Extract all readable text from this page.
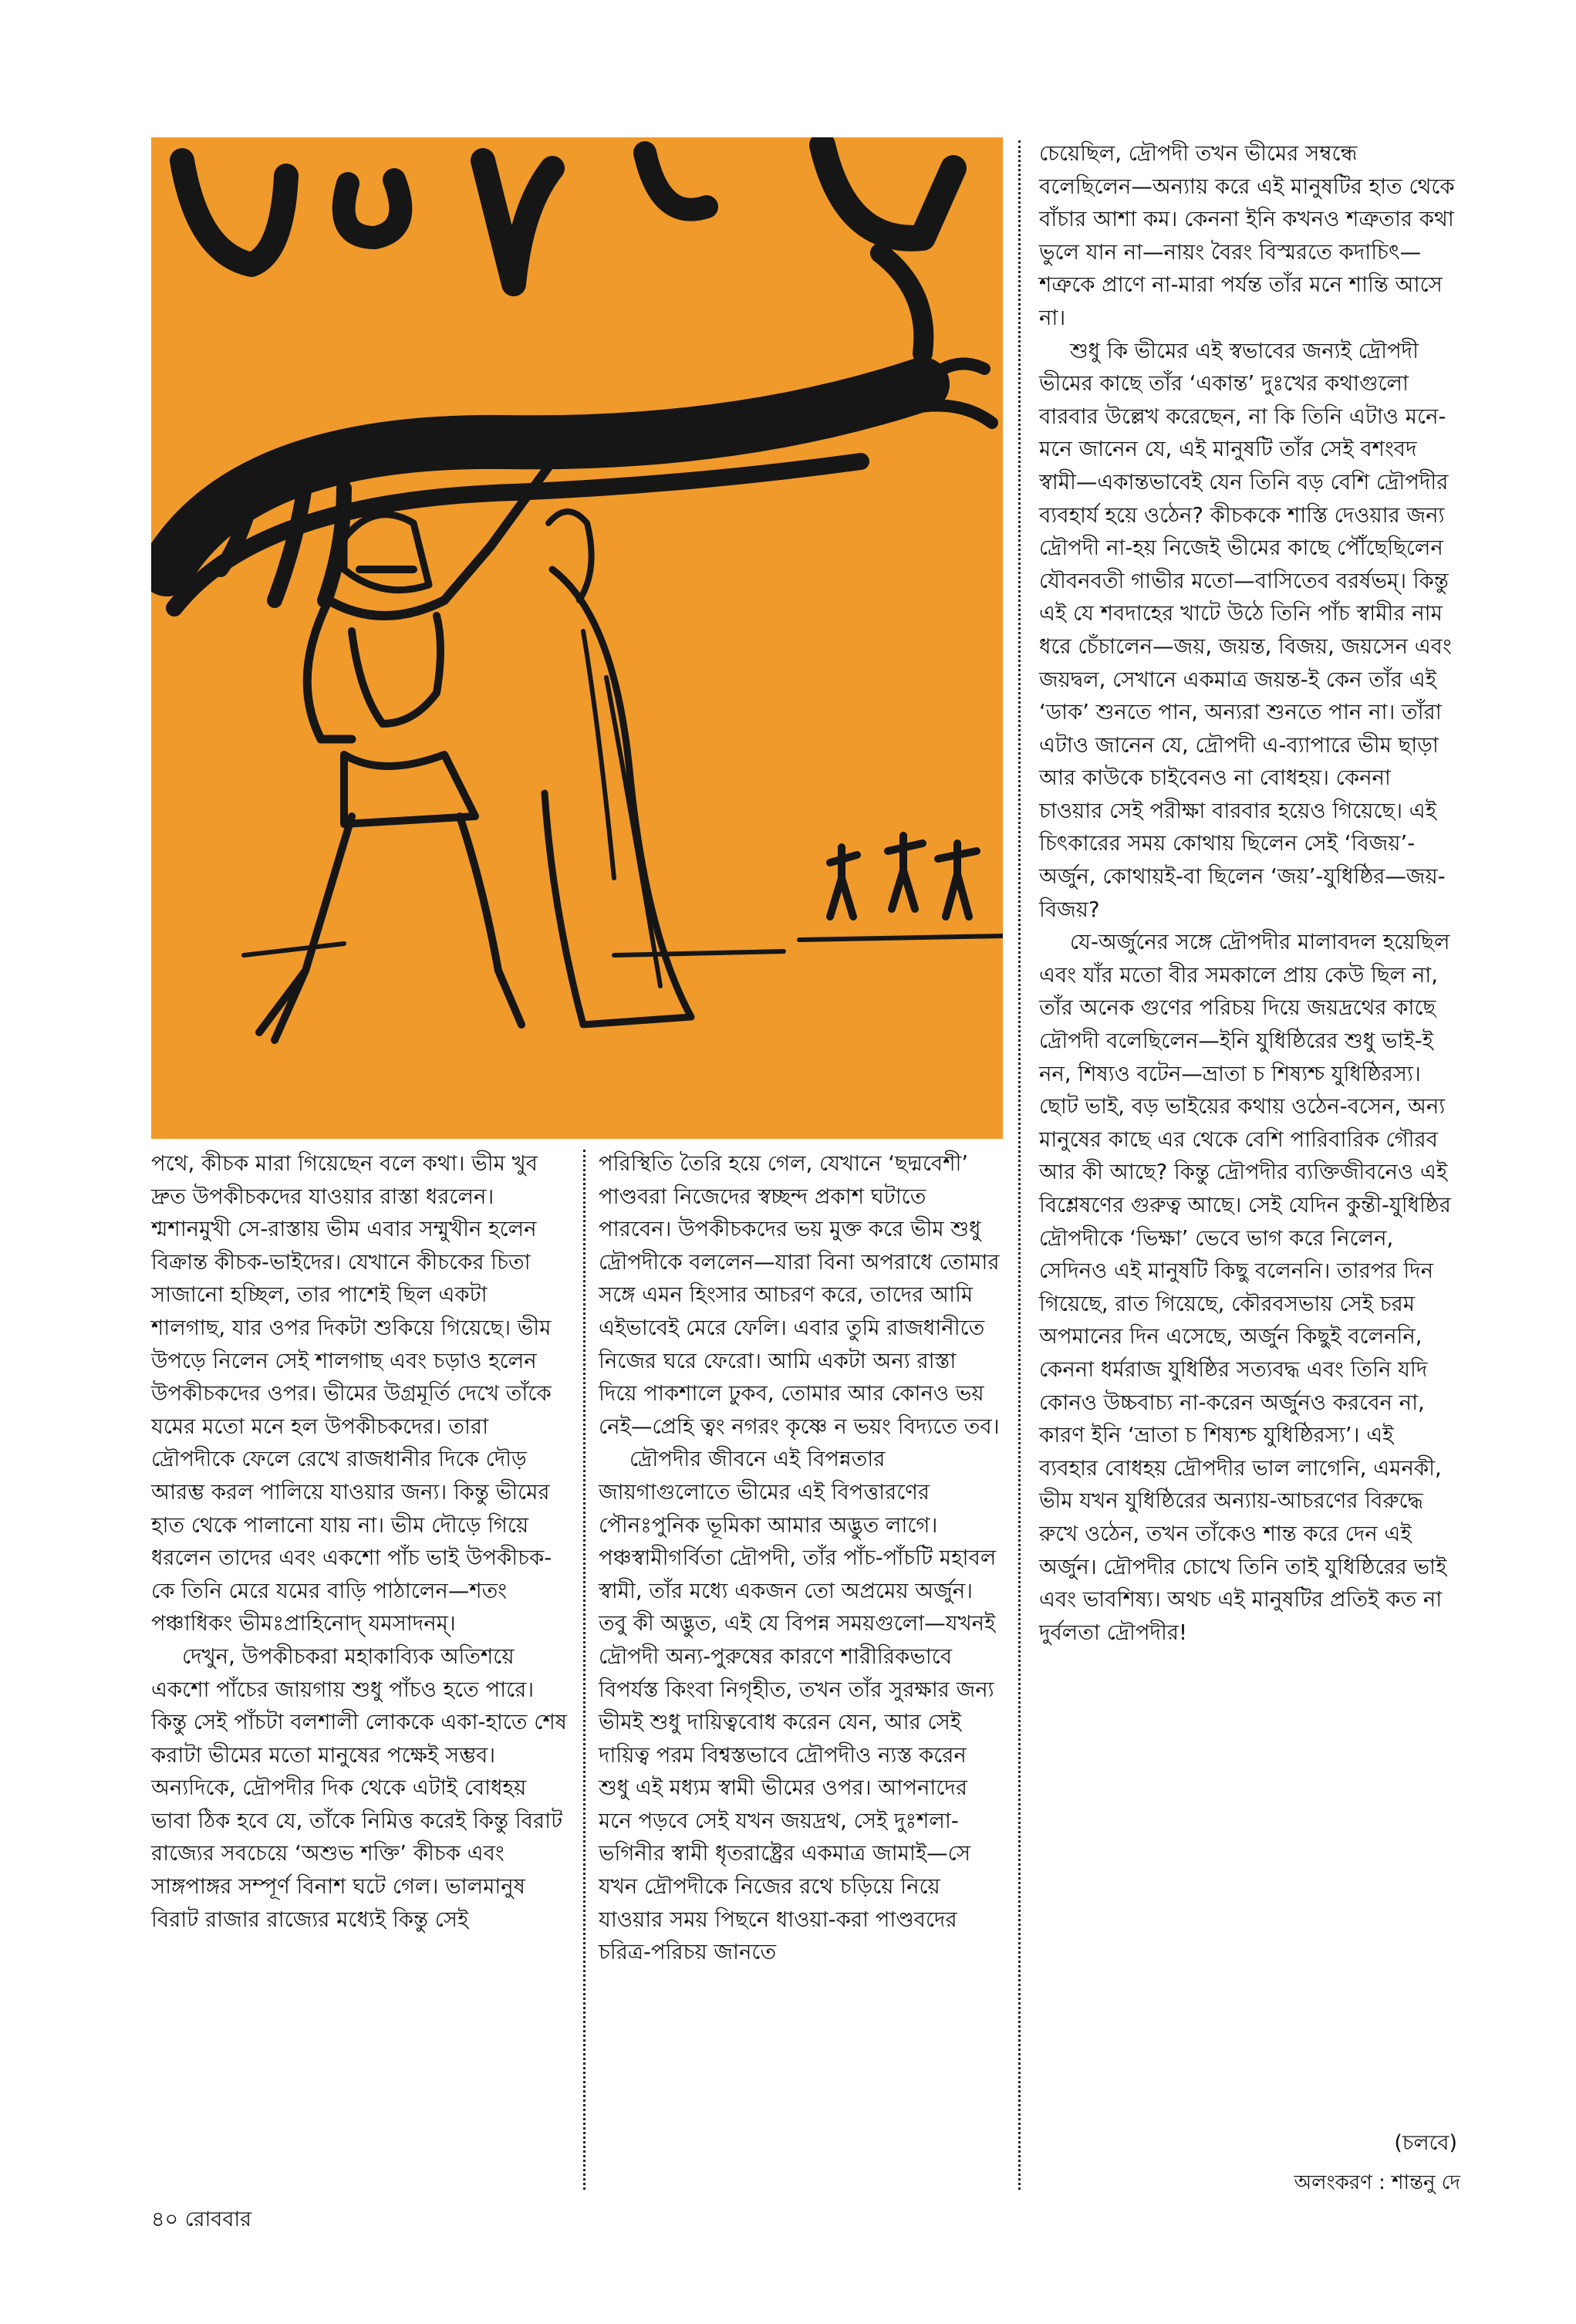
পথে, কীচক মারা গিয়েছেন বলে কথা। ভীম খুব দ্রুত উপকীচকদের যাওয়ার রাস্তা ধরলেন। শ্মশানমুখী সে-রাস্তায় ভীম এবার সম্মুখীন হলেন বিক্রান্ত কীচক-ভাইদের। যেখানে কীচকের চিতা সাজানো হচ্ছিল, তার পাশেই ছিল একটা শালগাছ, যার ওপর দিকটা শুকিয়ে গিয়েছে। ভীম উপড়ে নিলেন সেই শালগাছ এবং চড়াও হলেন উপকীচকদের ওপর। ভীমের উগ্রমূর্তি দেখে তাঁকে যমের মতো মনে হল উপকীচকদের। তারা দ্রৌপদীকে ফেলে রেখে রাজধানীর দিকে দৌড় আরম্ভ করল পালিয়ে যাওয়ার জন্য। কিন্তু ভীমের হাত থেকে পালানো যায় না। ভীম দৌড়ে গিয়ে ধরলেন তাদের এবং একশো পাঁচ ভাই উপকীচক-কে তিনি মেরে যমের বাড়ি পাঠালেন—শতং পঞ্চাধিকং ভীমঃপ্রাহিনোদ্ যমসাদনম্।

দেখুন, উপকীচকরা মহাকাব্যিক অতিশয়ে একশো পাঁচের জায়গায় শুধু পাঁচও হতে পারে। কিন্তু সেই পাঁচটা বলশালী লোককে একা-হাতে শেষ করাটা ভীমের মতো মানুষের পক্ষেই সম্ভব। অন্যদিকে, দ্রৌপদীর দিক থেকে এটাই বোধহয় ভাবা ঠিক হবে যে, তাঁকে নিমিত্ত করেই কিন্তু বিরাট রাজ্যের সবচেয়ে ‘অশুভ শক্তি’ কীচক এবং সাঙ্গপাঙ্গর সম্পূর্ণ বিনাশ ঘটে গেল। ভালমানুষ বিরাট রাজার রাজ্যের মধ্যেই কিন্তু সেই

পরিস্থিতি তৈরি হয়ে গেল, যেখানে ‘ছদ্মবেশী’ পাণ্ডবরা নিজেদের স্বচ্ছন্দ প্রকাশ ঘটাতে পারবেন। উপকীচকদের ভয় মুক্ত করে ভীম শুধু দ্রৌপদীকে বললেন—যারা বিনা অপরাধে তোমার সঙ্গে এমন হিংসার আচরণ করে, তাদের আমি এইভাবেই মেরে ফেলি। এবার তুমি রাজধানীতে নিজের ঘরে ফেরো। আমি একটা অন্য রাস্তা দিয়ে পাকশালে ঢুকব, তোমার আর কোনও ভয় নেই—প্রেহি ত্বং নগরং কৃষ্ণে ন ভয়ং বিদ্যতে তব।

দ্রৌপদীর জীবনে এই বিপন্নতার জায়গাগুলোতে ভীমের এই বিপত্তারণের পৌনঃপুনিক ভূমিকা আমার অদ্ভুত লাগে। পঞ্চস্বামীগর্বিতা দ্রৌপদী, তাঁর পাঁচ-পাঁচটি মহাবল স্বামী, তাঁর মধ্যে একজন তো অপ্রমেয় অর্জুন। তবু কী অদ্ভুত, এই যে বিপন্ন সময়গুলো—যখনই দ্রৌপদী অন্য-পুরুষের কারণে শারীরিকভাবে বিপর্যস্ত কিংবা নিগৃহীত, তখন তাঁর সুরক্ষার জন্য ভীমই শুধু দায়িত্ববোধ করেন যেন, আর সেই দায়িত্ব পরম বিশ্বস্তভাবে দ্রৌপদীও ন্যস্ত করেন শুধু এই মধ্যম স্বামী ভীমের ওপর। আপনাদের মনে পড়বে সেই যখন জয়দ্রথ, সেই দুঃশলা-ভগিনীর স্বামী ধৃতরাষ্ট্রের একমাত্র জামাই—সে যখন দ্রৌপদীকে নিজের রথে চড়িয়ে নিয়ে যাওয়ার সময় পিছনে ধাওয়া-করা পাণ্ডবদের চরিত্র-পরিচয় জানতে

চেয়েছিল, দ্রৌপদী তখন ভীমের সম্বন্ধে বলেছিলেন—অন্যায় করে এই মানুষটির হাত থেকে বাঁচার আশা কম। কেননা ইনি কখনও শত্রুতার কথা ভুলে যান না—নায়ং বৈরং বিস্মরতে কদাচিৎ—শত্রুকে প্রাণে না-মারা পর্যন্ত তাঁর মনে শান্তি আসে না।

শুধু কি ভীমের এই স্বভাবের জন্যই দ্রৌপদী ভীমের কাছে তাঁর ‘একান্ত’ দুঃখের কথাগুলো বারবার উল্লেখ করেছেন, না কি তিনি এটাও মনে-মনে জানেন যে, এই মানুষটি তাঁর সেই বশংবদ স্বামী—একান্তভাবেই যেন তিনি বড় বেশি দ্রৌপদীর ব্যবহার্য হয়ে ওঠেন? কীচককে শাস্তি দেওয়ার জন্য দ্রৌপদী না-হয় নিজেই ভীমের কাছে পৌঁছেছিলেন যৌবনবতী গাভীর মতো—বাসিতেব বরর্ষভম্। কিন্তু এই যে শবদাহের খাটে উঠে তিনি পাঁচ স্বামীর নাম ধরে চেঁচালেন—জয়, জয়ন্ত, বিজয়, জয়সেন এবং জয়দ্বল, সেখানে একমাত্র জয়ন্ত-ই কেন তাঁর এই ‘ডাক’ শুনতে পান, অন্যরা শুনতে পান না। তাঁরা এটাও জানেন যে, দ্রৌপদী এ-ব্যাপারে ভীম ছাড়া আর কাউকে চাইবেনও না বোধহয়। কেননা চাওয়ার সেই পরীক্ষা বারবার হয়েও গিয়েছে। এই চিৎকারের সময় কোথায় ছিলেন সেই ‘বিজয়’-অর্জুন, কোথায়ই-বা ছিলেন ‘জয়’-যুধিষ্ঠির—জয়-বিজয়?

যে-অর্জুনের সঙ্গে দ্রৌপদীর মালাবদল হয়েছিল এবং যাঁর মতো বীর সমকালে প্রায় কেউ ছিল না, তাঁর অনেক গুণের পরিচয় দিয়ে জয়দ্রথের কাছে দ্রৌপদী বলেছিলেন—ইনি যুধিষ্ঠিরের শুধু ভাই-ই নন, শিষ্যও বটেন—ভ্রাতা চ শিষ্যশ্চ যুধিষ্ঠিরস্য। ছোট ভাই, বড় ভাইয়ের কথায় ওঠেন-বসেন, অন্য মানুষের কাছে এর থেকে বেশি পারিবারিক গৌরব আর কী আছে? কিন্তু দ্রৌপদীর ব্যক্তিজীবনেও এই বিশ্লেষণের গুরুত্ব আছে। সেই যেদিন কুন্তী-যুধিষ্ঠির দ্রৌপদীকে ‘ভিক্ষা’ ভেবে ভাগ করে নিলেন, সেদিনও এই মানুষটি কিছু বলেননি। তারপর দিন গিয়েছে, রাত গিয়েছে, কৌরবসভায় সেই চরম অপমানের দিন এসেছে, অর্জুন কিছুই বলেননি, কেননা ধর্মরাজ যুধিষ্ঠির সত্যবদ্ধ এবং তিনি যদি কোনও উচ্চবাচ্য না-করেন অর্জুনও করবেন না, কারণ ইনি ‘ভ্রাতা চ শিষ্যশ্চ যুধিষ্ঠিরস্য’। এই ব্যবহার বোধহয় দ্রৌপদীর ভাল লাগেনি, এমনকী, ভীম যখন যুধিষ্ঠিরের অন্যায়-আচরণের বিরুদ্ধে রুখে ওঠেন, তখন তাঁকেও শান্ত করে দেন এই অর্জুন। দ্রৌপদীর চোখে তিনি তাই যুধিষ্ঠিরের ভাই এবং ভাবশিষ্য। অথচ এই মানুষটির প্রতিই কত না দুর্বলতা দ্রৌপদীর!

(চলবে)
অলংকরণ : শান্তনু দে
৪০ রোববার
